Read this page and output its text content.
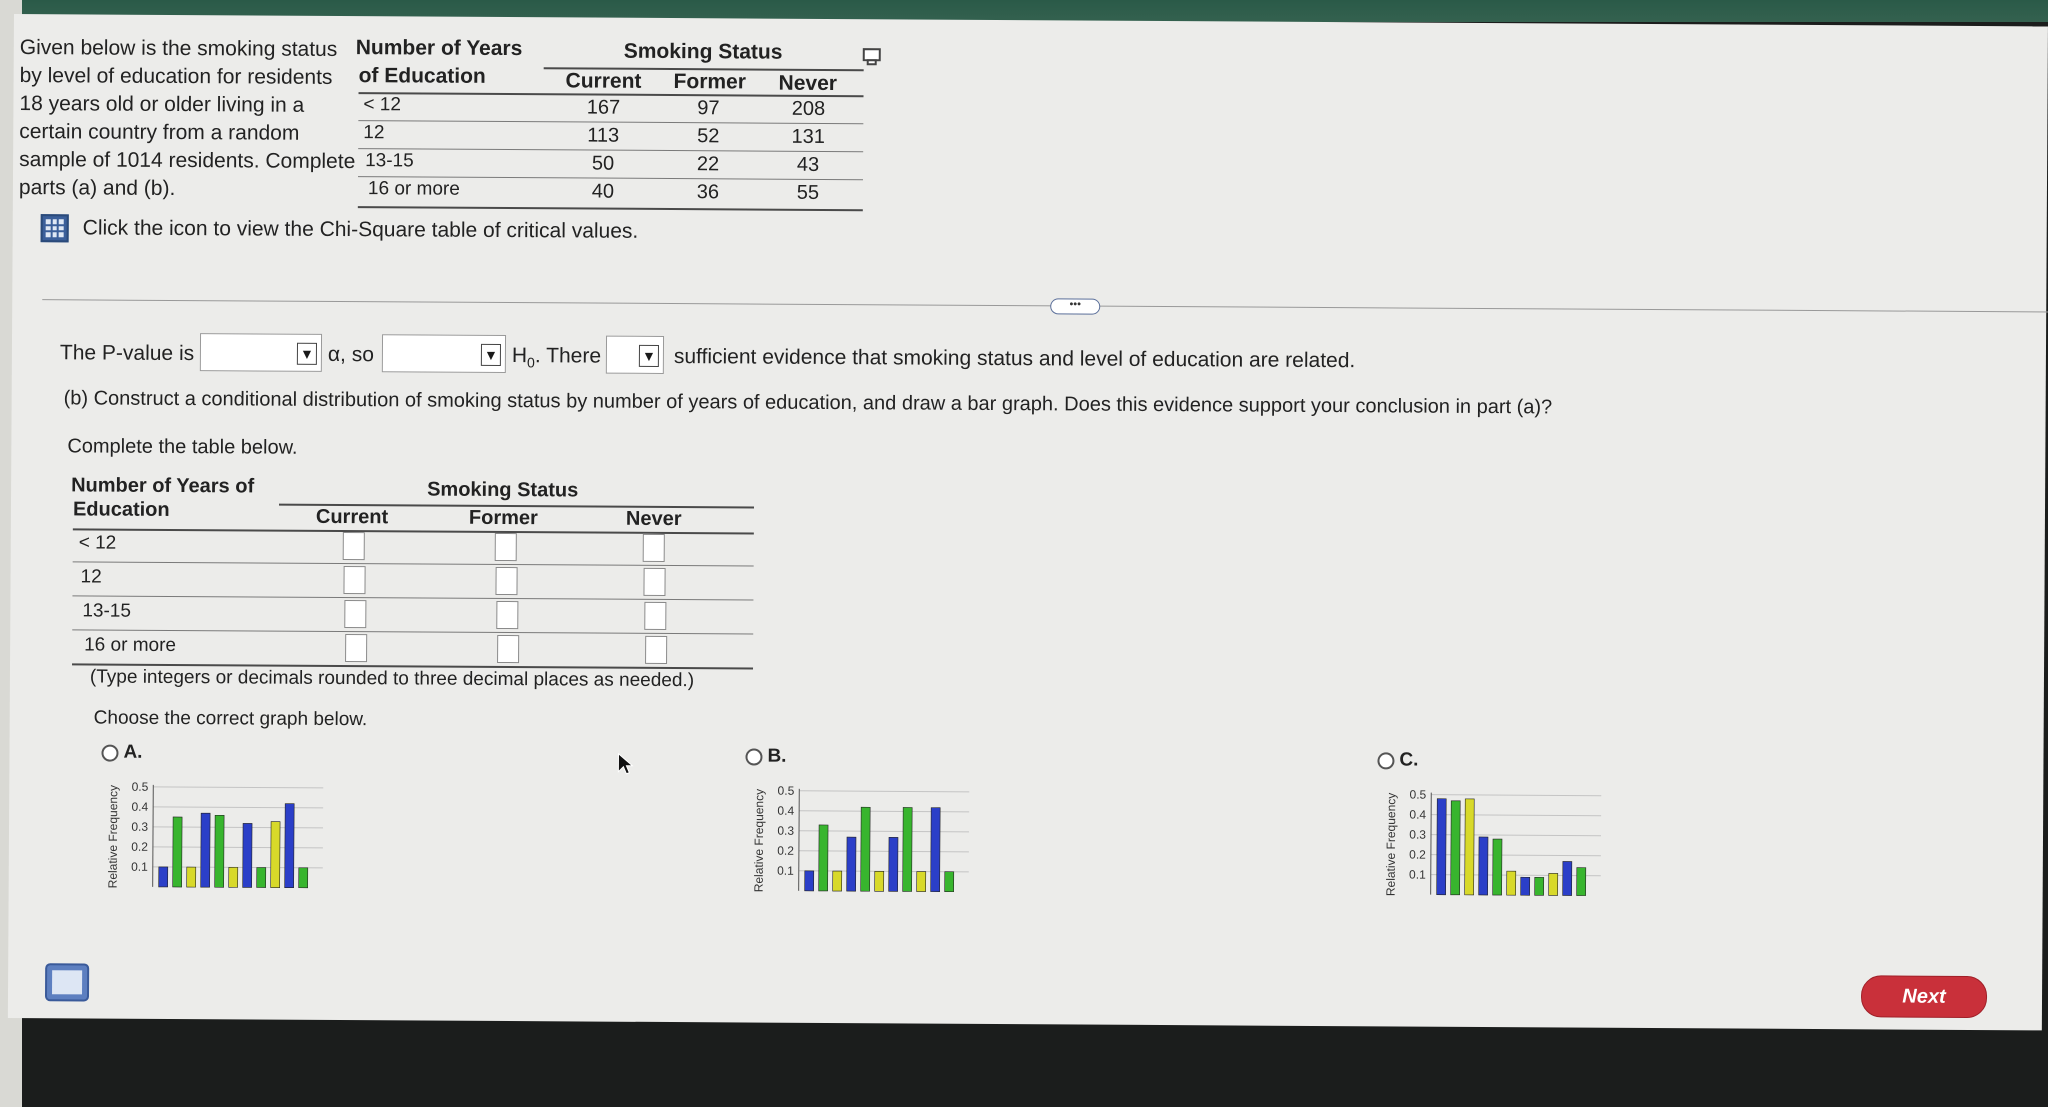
Given below is the smoking status
by level of education for residents
18 years old or older living in a
certain country from a random
sample of 1014 residents. Complete
parts (a) and (b).
Number of Years
of Education
Smoking Status
Current Former Never
< 12	167	97	208
12	113	52	131
13-15	50	22	43
16 or more	40	36	55
Click the icon to view the Chi-Square table of critical values.
•••
The P-value is	▼ α, so	▼ $H_0$. There	▼ sufficient evidence that smoking status and level of education are related.
(b) Construct a conditional distribution of smoking status by number of years of education, and draw a bar graph. Does this evidence support your conclusion in part (a)?
Complete the table below.
Number of Years of
Education
Smoking Status
Current	Former	Never
< 12
12
13-15
16 or more
(Type integers or decimals rounded to three decimal places as needed.)
Choose the correct graph below.
A.	B.	C.
Relative Frequency 0.5
0.4
0.3
0.2
0.1	Relative Frequency 0.5
0.4
0.3
0.2
0.1	Relative Frequency 0.5
0.4
0.3
0.2
0.1
Next
